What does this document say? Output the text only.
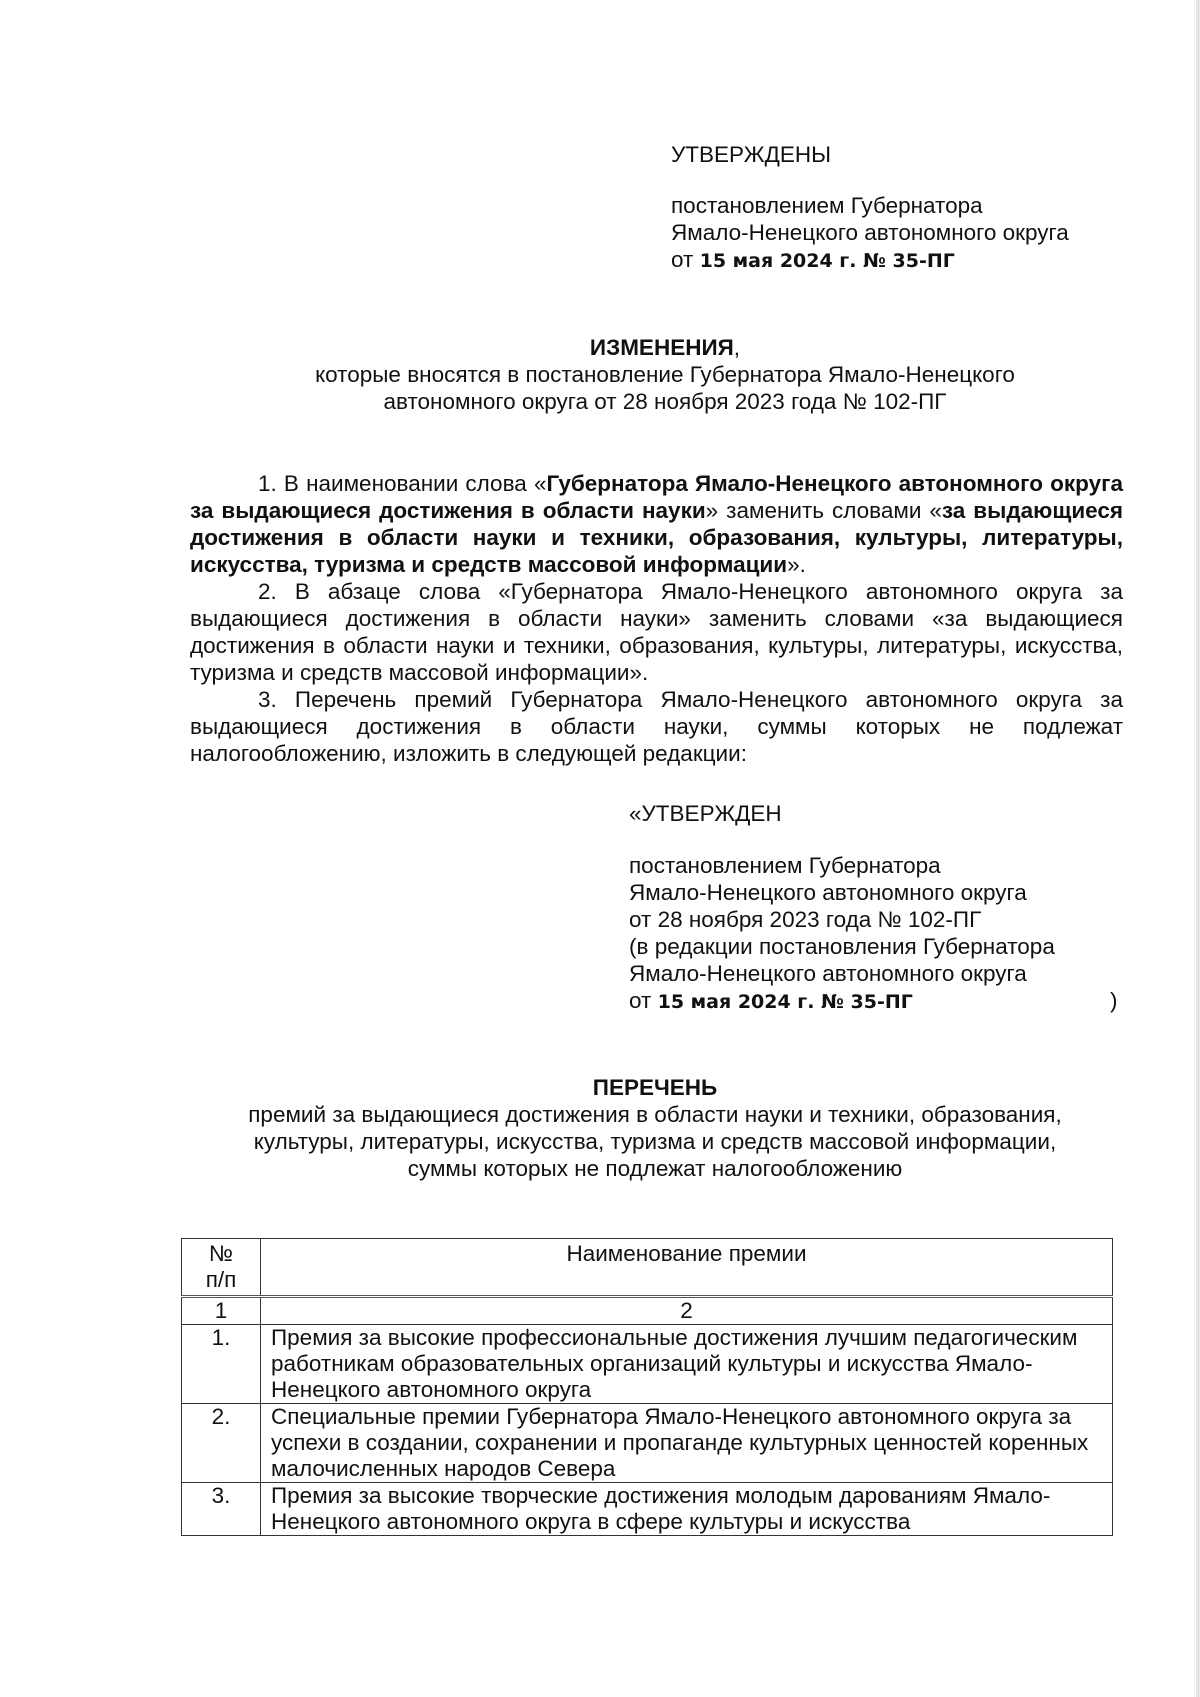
УТВЕРЖДЕНЫ
постановлением Губернатора
Ямало-Ненецкого автономного округа
от 15 мая 2024 г. № 35-ПГ
ИЗМЕНЕНИЯ,
которые вносятся в постановление Губернатора Ямало-Ненецкого
автономного округа от 28 ноября 2023 года № 102-ПГ
1. В наименовании слова «Губернатора Ямало-Ненецкого автономного округа за выдающиеся достижения в области науки» заменить словами «за выдающиеся достижения в области науки и техники, образования, культуры, литературы, искусства, туризма и средств массовой информации».
2. В абзаце слова «Губернатора Ямало-Ненецкого автономного округа за выдающиеся достижения в области науки» заменить словами «за выдающиеся достижения в области науки и техники, образования, культуры, литературы, искусства, туризма и средств массовой информации».
3. Перечень премий Губернатора Ямало-Ненецкого автономного округа за выдающиеся достижения в области науки, суммы которых не подлежат налогообложению, изложить в следующей редакции:
«УТВЕРЖДЕН
постановлением Губернатора
Ямало-Ненецкого автономного округа
от 28 ноября 2023 года № 102-ПГ
(в редакции постановления Губернатора
Ямало-Ненецкого автономного округа
от 15 мая 2024 г. № 35-ПГ	)
ПЕРЕЧЕНЬ
премий за выдающиеся достижения в области науки и техники, образования,
культуры, литературы, искусства, туризма и средств массовой информации,
суммы которых не подлежат налогообложению
№
п/п	Наименование премии
1	2
1.	Премия за высокие профессиональные достижения лучшим педагогическим работникам образовательных организаций культуры и искусства Ямало-Ненецкого автономного округа
2.	Специальные премии Губернатора Ямало-Ненецкого автономного округа за успехи в создании, сохранении и пропаганде культурных ценностей коренных малочисленных народов Севера
3.	Премия за высокие творческие достижения молодым дарованиям Ямало-Ненецкого автономного округа в сфере культуры и искусства
